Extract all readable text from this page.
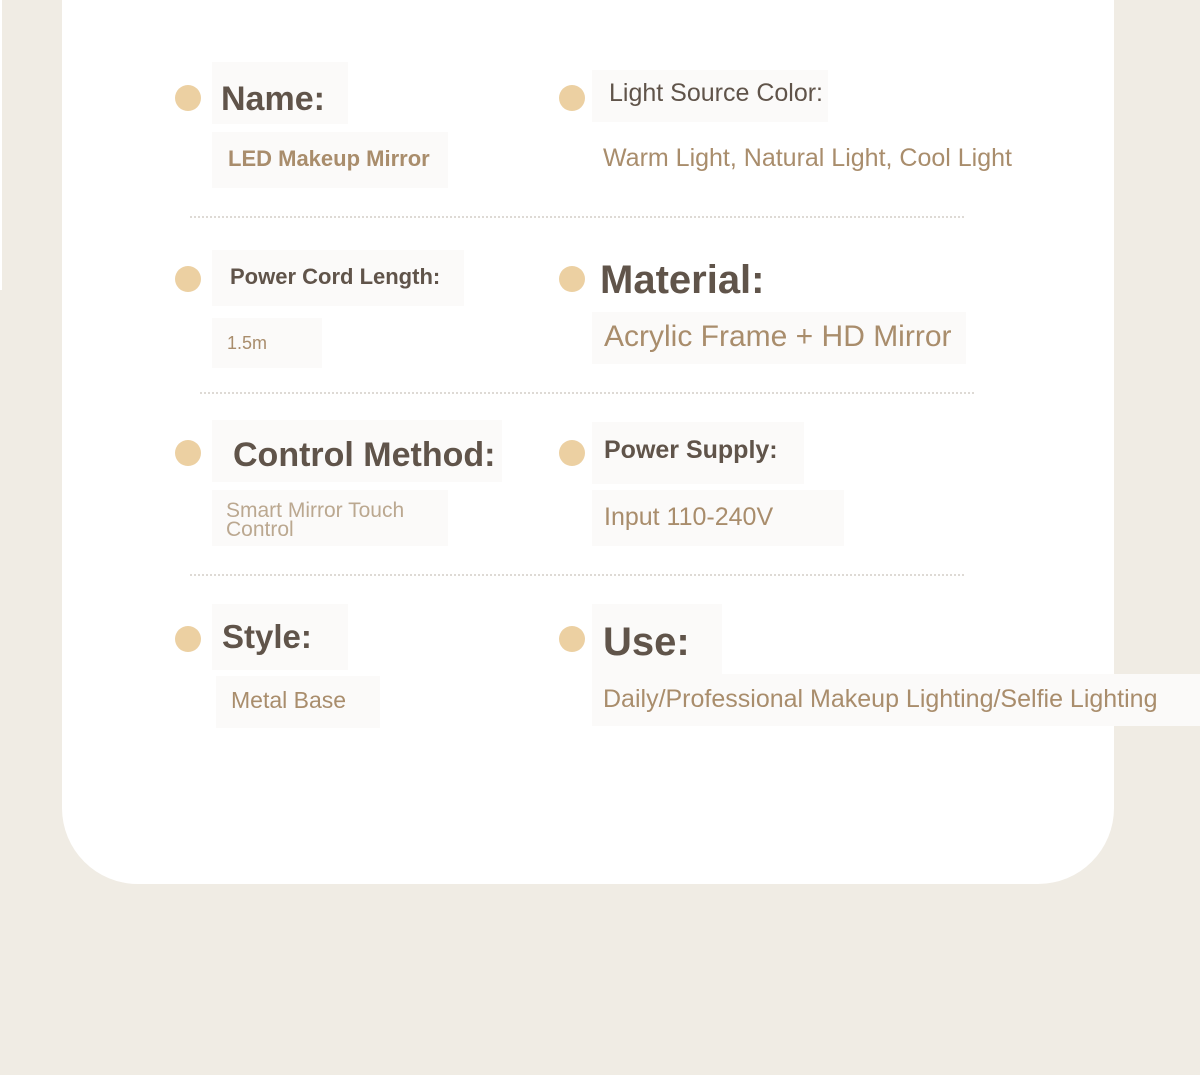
Name:
LED Makeup Mirror
Light Source Color:
Warm Light, Natural Light, Cool Light
Power Cord Length:
1.5m
Material:
Acrylic Frame + HD Mirror
Control Method:
Smart Mirror Touch
Control
Power Supply:
Input 110-240V
Style:
Metal Base
Use:
Daily/Professional Makeup Lighting/Selfie Lighting
